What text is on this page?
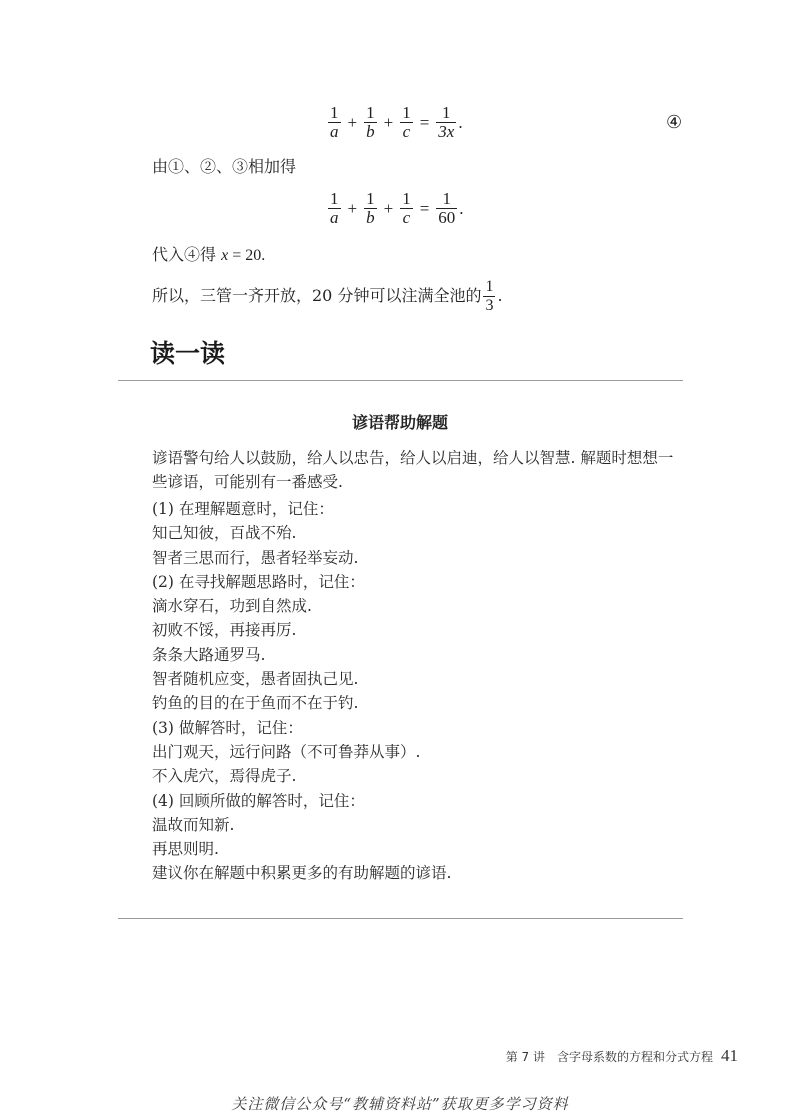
$\frac{1}{a} + \frac{1}{b} + \frac{1}{c} = \frac{1}{3x}$ .	④
由①、②、③相加得
$\frac{1}{a} + \frac{1}{b} + \frac{1}{c} = \frac{1}{60}$ .
代入④得 x = 20.
所以，三管一齐开放，20 分钟可以注满全池的 $\frac{1}{3}$ .
读一读
谚语帮助解题
谚语警句给人以鼓励，给人以忠告，给人以启迪，给人以智慧. 解题时想想一些谚语，可能别有一番感受.
(1) 在理解题意时，记住：
知己知彼，百战不殆.
智者三思而行，愚者轻举妄动.
(2) 在寻找解题思路时，记住：
滴水穿石，功到自然成.
初败不馁，再接再厉.
条条大路通罗马.
智者随机应变，愚者固执己见.
钓鱼的目的在于鱼而不在于钓.
(3) 做解答时，记住：
出门观天，远行问路（不可鲁莽从事）.
不入虎穴，焉得虎子.
(4) 回顾所做的解答时，记住：
温故而知新.
再思则明.
建议你在解题中积累更多的有助解题的谚语.
第 7 讲　含字母系数的方程和分式方程 41
关注微信公众号“教辅资料站”获取更多学习资料
